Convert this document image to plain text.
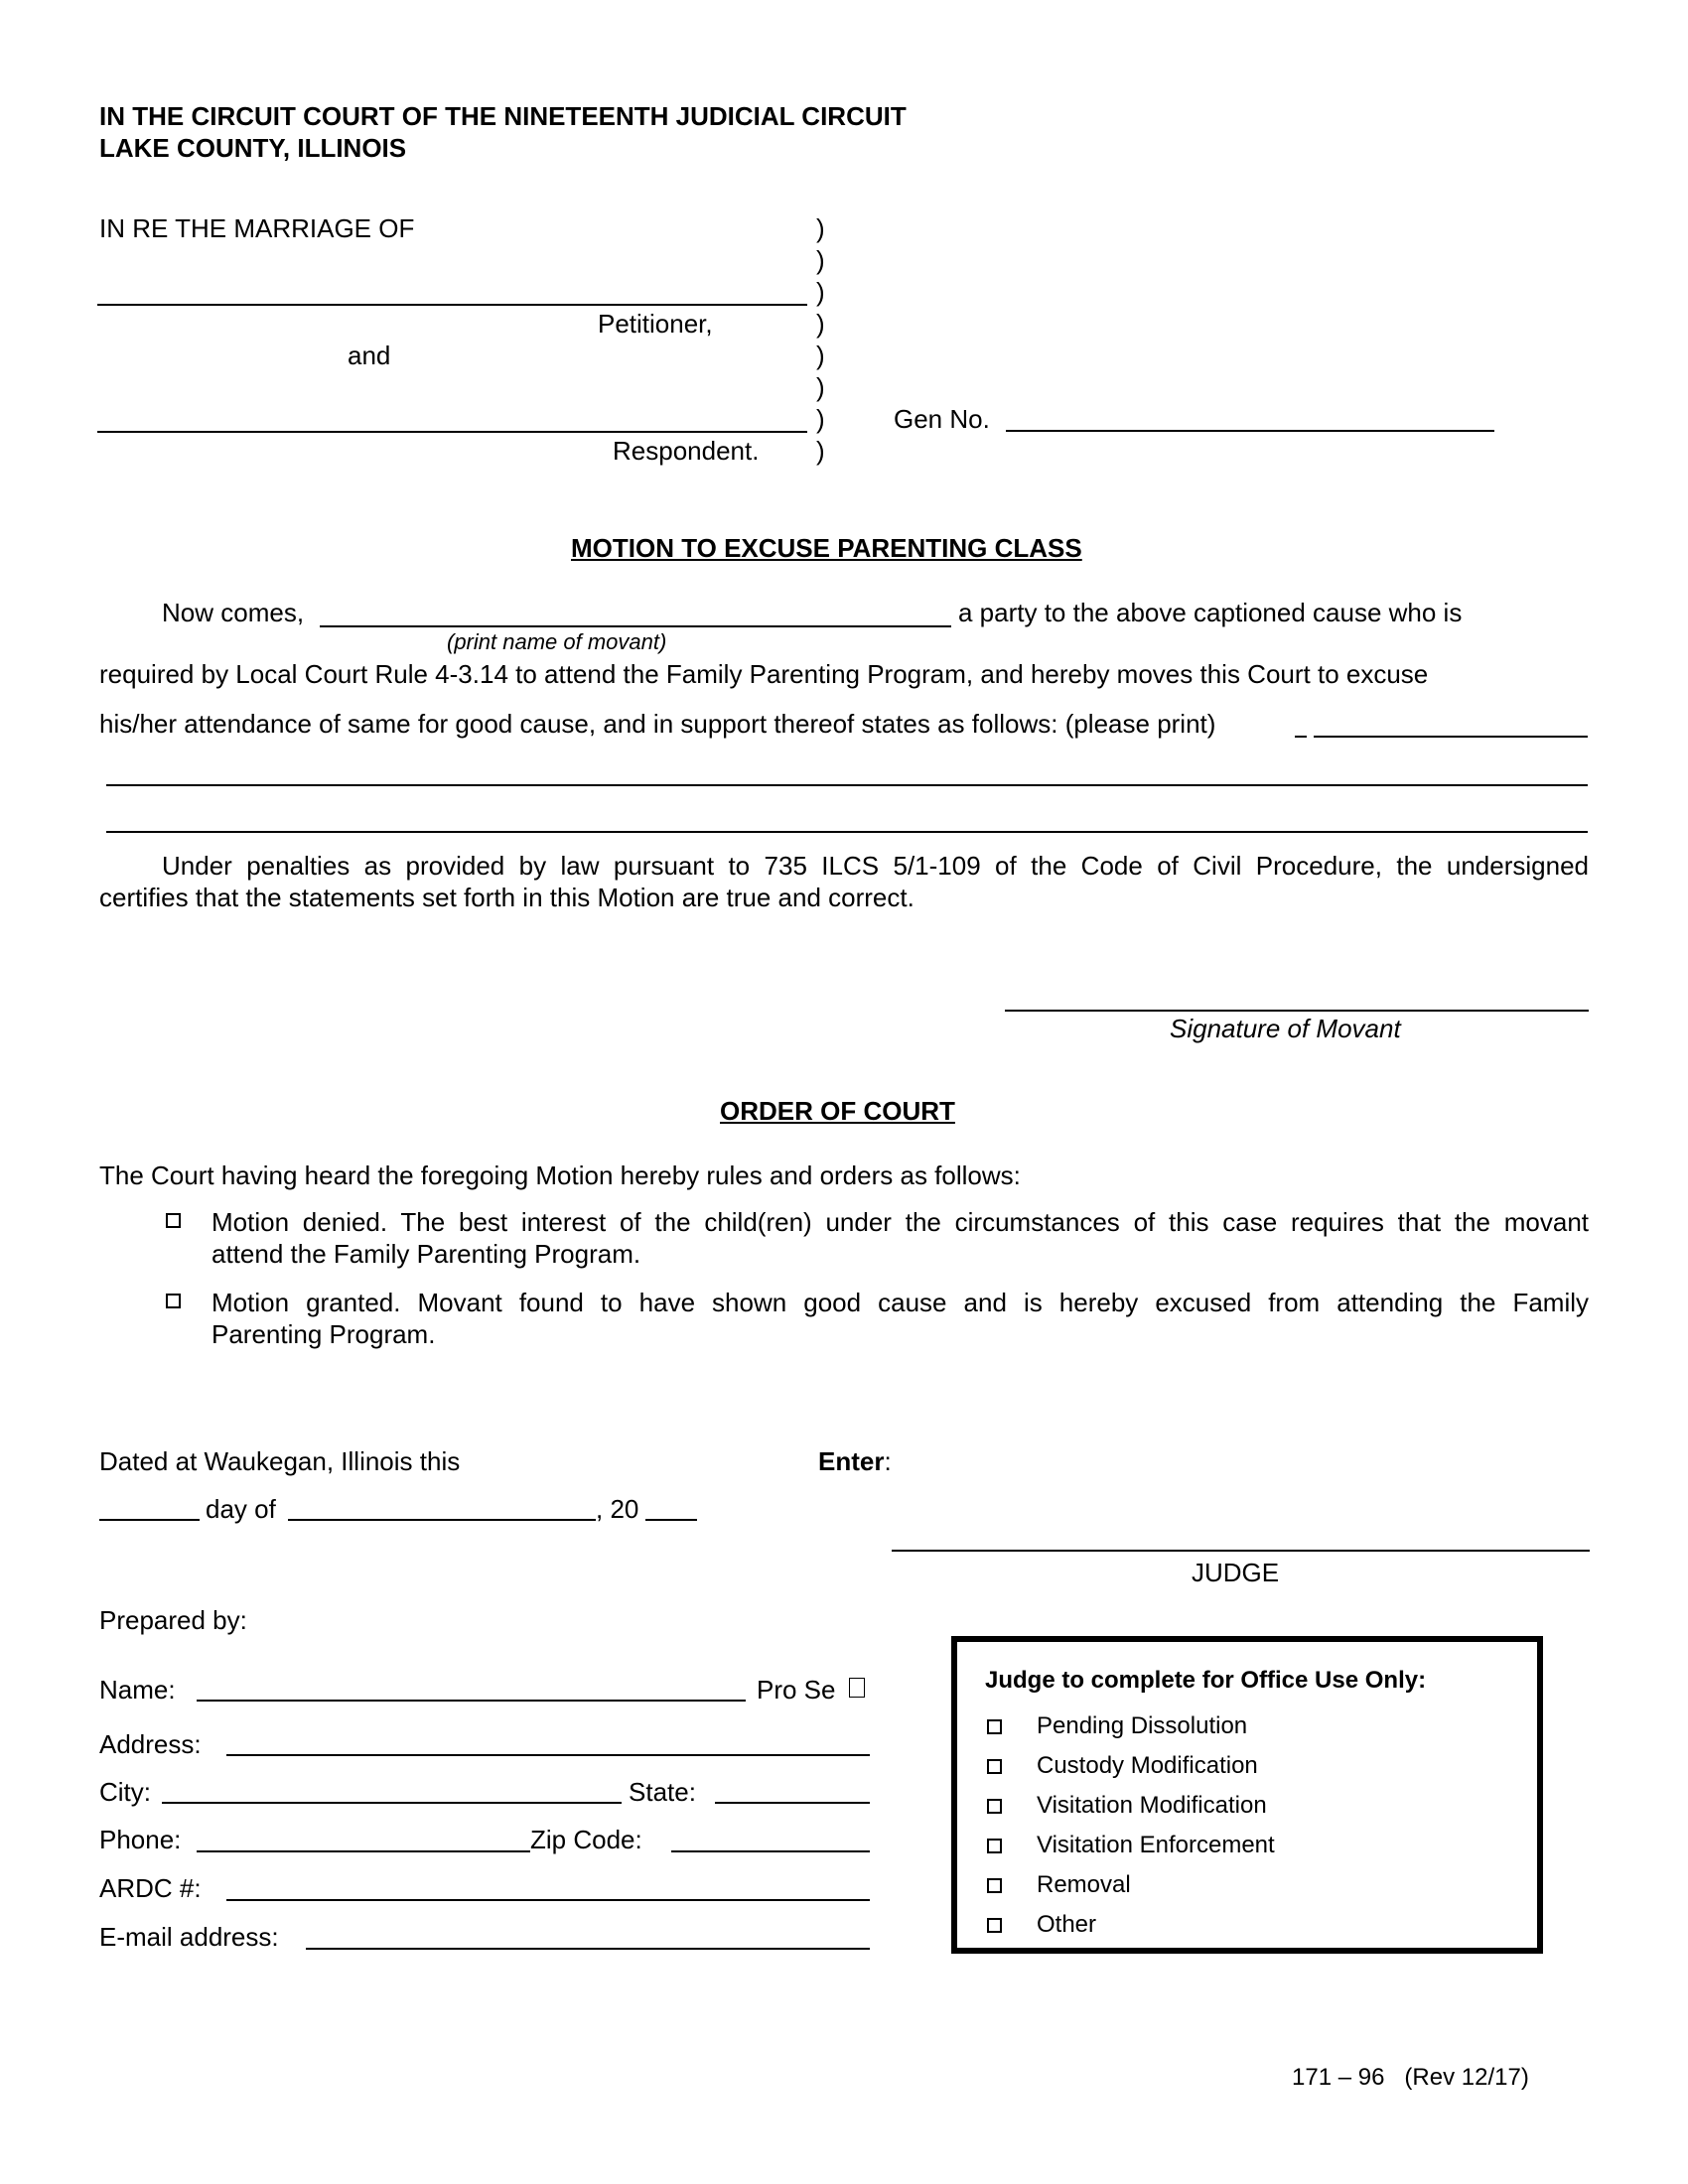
IN THE CIRCUIT COURT OF THE NINETEENTH JUDICIAL CIRCUIT
LAKE COUNTY, ILLINOIS
IN RE THE MARRIAGE OF
Petitioner,
and
Respondent.
)
)
)
)
)
)
)
)
Gen No.
MOTION TO EXCUSE PARENTING CLASS
Now comes,	a party to the above captioned cause who is
(print name of movant)
required by Local Court Rule 4-3.14 to attend the Family Parenting Program, and hereby moves this Court to excuse
his/her attendance of same for good cause, and in support thereof states as follows: (please print)
Under penalties as provided by law pursuant to 735 ILCS 5/1-109 of the Code of Civil Procedure, the undersigned
certifies that the statements set forth in this Motion are true and correct.
Signature of Movant
ORDER OF COURT
The Court having heard the foregoing Motion hereby rules and orders as follows:
Motion denied. The best interest of the child(ren) under the circumstances of this case requires that the movant
attend the Family Parenting Program.
Motion granted. Movant found to have shown good cause and is hereby excused from attending the Family
Parenting Program.
Dated at Waukegan, Illinois this	Enter:
day of	, 20
JUDGE
Prepared by:
Name:	Pro Se
Address:
City:	State:
Phone:	Zip Code:
ARDC #:
E-mail address:
Judge to complete for Office Use Only:
Pending Dissolution
Custody Modification
Visitation Modification
Visitation Enforcement
Removal
Other
171 – 96   (Rev 12/17)
